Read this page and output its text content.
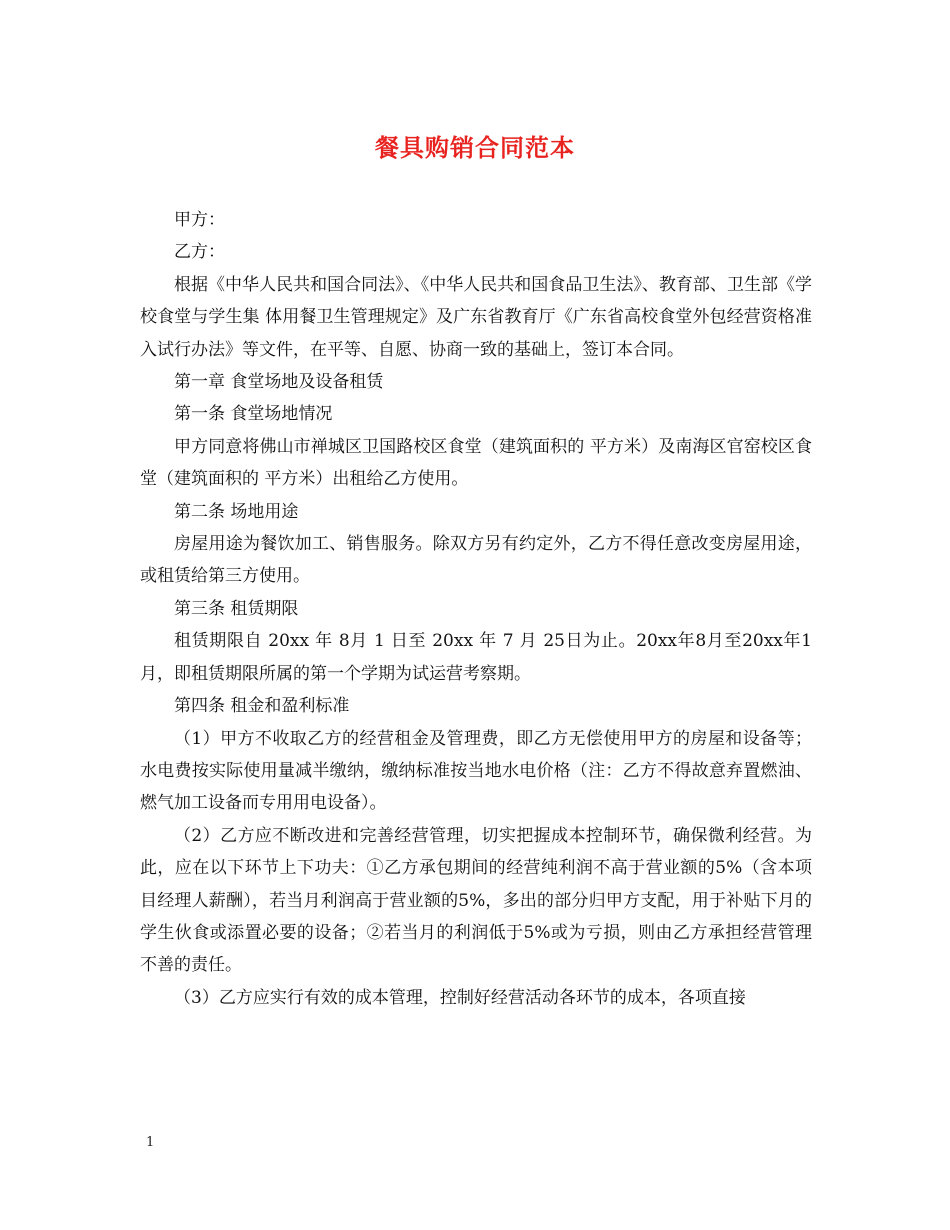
餐具购销合同范本

甲方：

乙方：

根据《中华人民共和国合同法》、《中华人民共和国食品卫生法》、教育部、卫生部《学校食堂与学生集 体用餐卫生管理规定》及广东省教育厅《广东省高校食堂外包经营资格准入试行办法》等文件，在平等、自愿、协商一致的基础上，签订本合同。

第一章 食堂场地及设备租赁

第一条 食堂场地情况

甲方同意将佛山市禅城区卫国路校区食堂（建筑面积的 平方米）及南海区官窑校区食堂（建筑面积的 平方米）出租给乙方使用。

第二条 场地用途

房屋用途为餐饮加工、销售服务。除双方另有约定外，乙方不得任意改变房屋用途，或租赁给第三方使用。

第三条 租赁期限

租赁期限自 20xx 年 8月 1 日至 20xx 年 7 月 25日为止。20xx年8月至20xx年1月，即租赁期限所属的第一个学期为试运营考察期。

第四条 租金和盈利标准

（1）甲方不收取乙方的经营租金及管理费，即乙方无偿使用甲方的房屋和设备等；水电费按实际使用量减半缴纳，缴纳标准按当地水电价格（注：乙方不得故意弃置燃油、燃气加工设备而专用用电设备）。

（2）乙方应不断改进和完善经营管理，切实把握成本控制环节，确保微利经营。为此，应在以下环节上下功夫：①乙方承包期间的经营纯利润不高于营业额的5%（含本项目经理人薪酬），若当月利润高于营业额的5%，多出的部分归甲方支配，用于补贴下月的学生伙食或添置必要的设备；②若当月的利润低于5%或为亏损，则由乙方承担经营管理不善的责任。

（3）乙方应实行有效的成本管理，控制好经营活动各环节的成本，各项直接

1
